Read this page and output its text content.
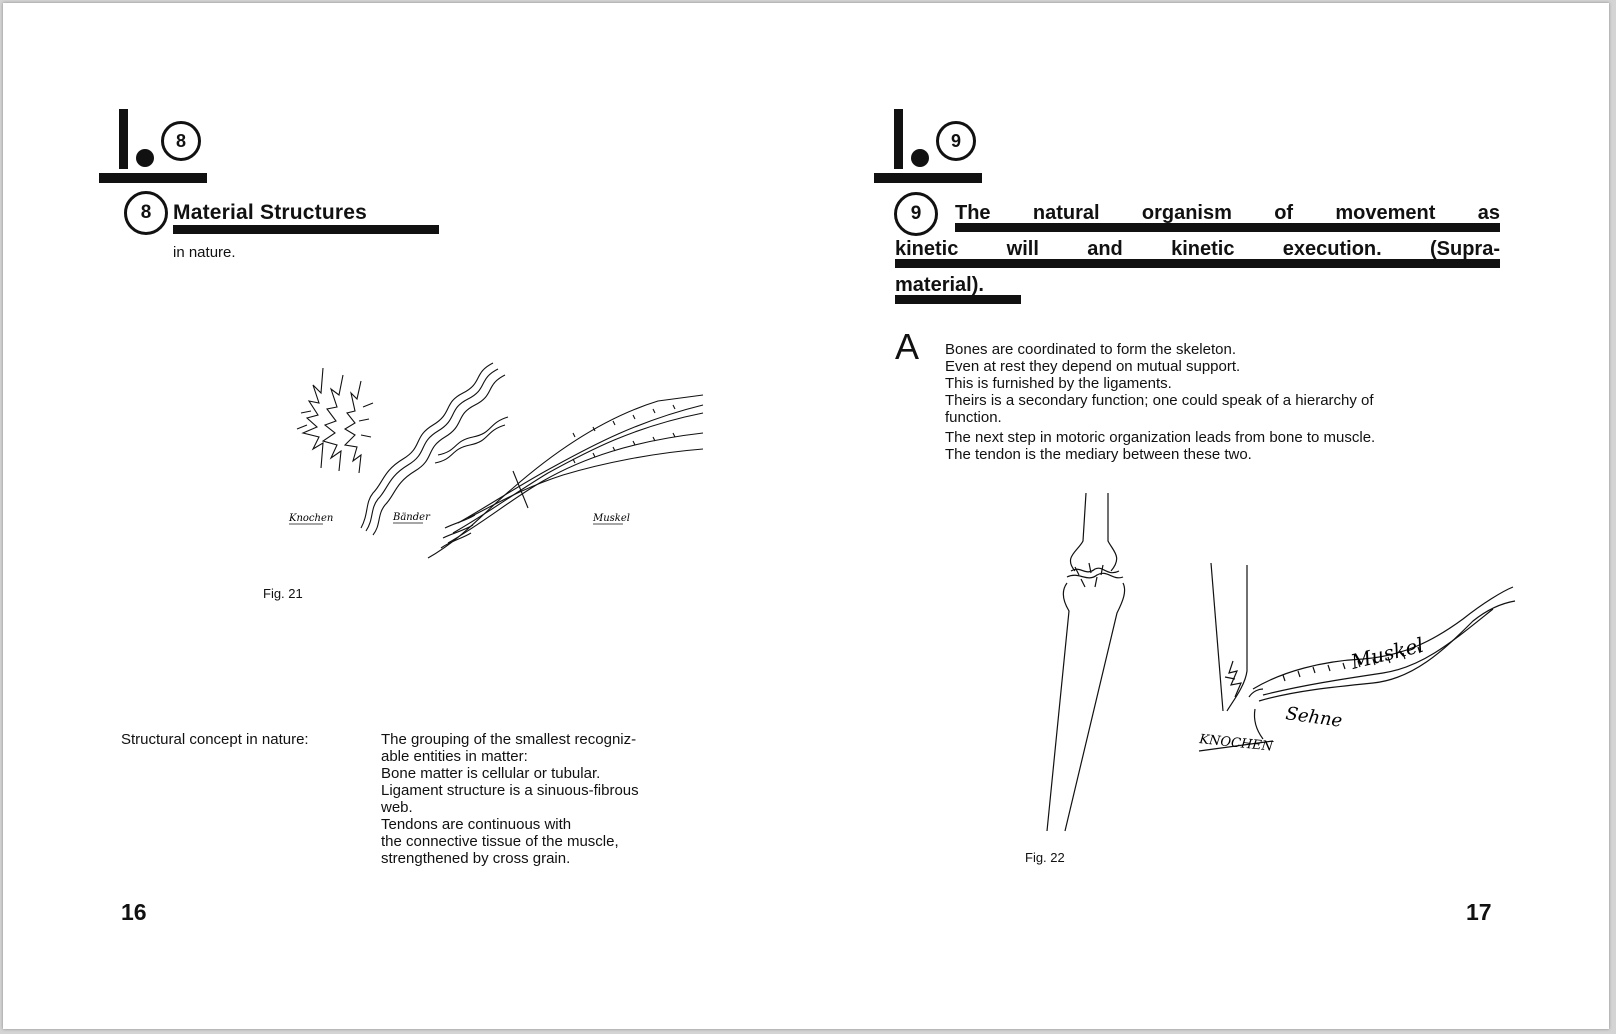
8
8	Material Structures
in nature.
Knochen	Bänder	Muskel
Fig. 21
Structural concept in nature:	The grouping of the smallest recogniz-
able entities in matter:
Bone matter is cellular or tubular.
Ligament structure is a sinuous-fibrous
web.
Tendons are continuous with
the connective tissue of the muscle,
strengthened by cross grain.
16
9
9	The natural organism of movement as
kinetic will and kinetic execution. (Supra-
material).
A Bones are coordinated to form the skeleton.
Even at rest they depend on mutual support.
This is furnished by the ligaments.
Theirs is a secondary function; one could speak of a hierarchy of
function.
The next step in motoric organization leads from bone to muscle.
The tendon is the mediary between these two.
Muskel
Sehne
KNOCHEN
Fig. 22
17
